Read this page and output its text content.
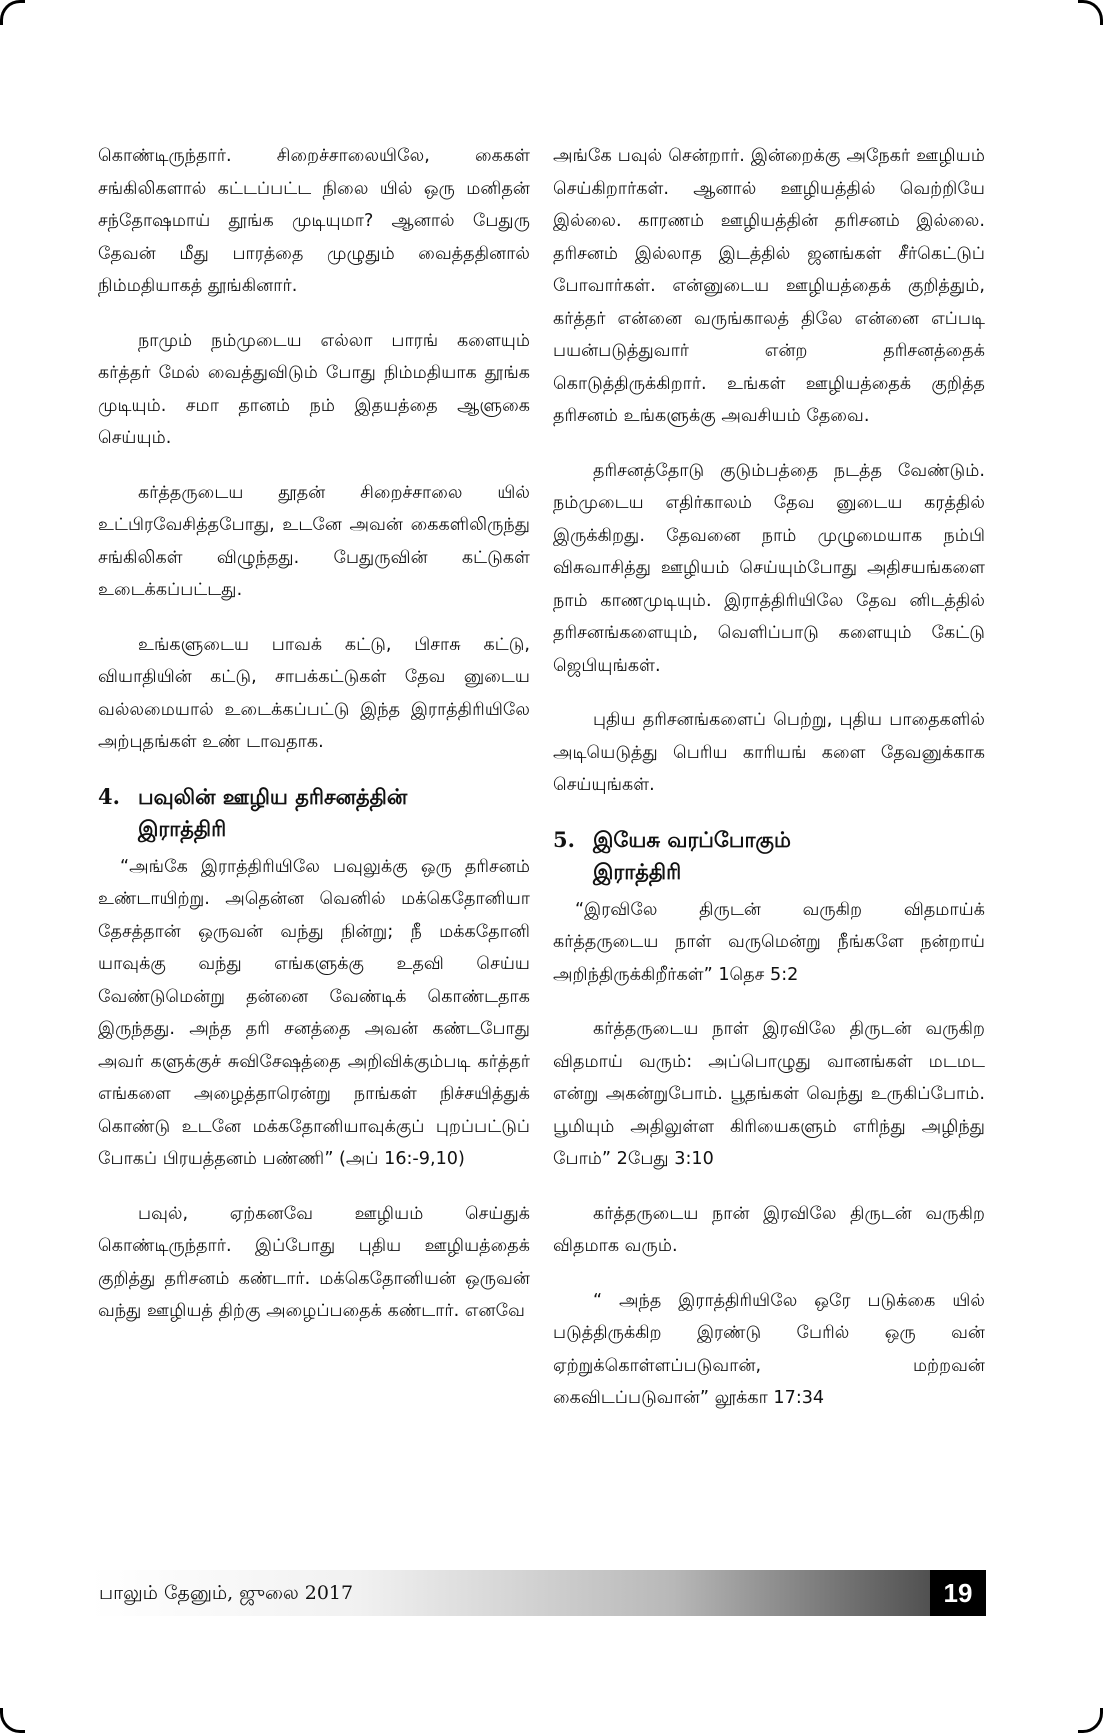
கொண்டிருந்தார். சிறைச்சாலையிலே, கைகள் சங்கிலிகளால் கட்டப்பட்ட நிலை யில் ஒரு மனிதன் சந்தோஷமாய் தூங்க முடியுமா? ஆனால் பேதுரு தேவன் மீது பாரத்தை முழுதும் வைத்ததினால் நிம்மதியாகத் தூங்கினார்.

நாமும் நம்முடைய எல்லா பாரங் களையும் கர்த்தர் மேல் வைத்துவிடும் போது நிம்மதியாக தூங்க முடியும். சமா தானம் நம் இதயத்தை ஆளுகை செய்யும்.

கர்த்தருடைய தூதன் சிறைச்சாலை யில் உட்பிரவேசித்தபோது, உடனே அவன் கைகளிலிருந்து சங்கிலிகள் விழுந்தது. பேதுருவின் கட்டுகள் உடைக்கப்பட்டது.

உங்களுடைய பாவக் கட்டு, பிசாசு கட்டு, வியாதியின் கட்டு, சாபக்கட்டுகள் தேவ னுடைய வல்லமையால் உடைக்கப்பட்டு இந்த இராத்திரியிலே அற்புதங்கள் உண் டாவதாக.

4. பவுலின் ஊழிய தரிசனத்தின்
இராத்திரி

“அங்கே இராத்திரியிலே பவுலுக்கு ஒரு தரிசனம் உண்டாயிற்று. அதென்ன வெனில் மக்கெதோனியா தேசத்தான் ஒருவன் வந்து நின்று; நீ மக்கதோனி யாவுக்கு வந்து எங்களுக்கு உதவி செய்ய வேண்டுமென்று தன்னை வேண்டிக் கொண்டதாக இருந்தது. அந்த தரி சனத்தை அவன் கண்டபோது அவர் களுக்குச் சுவிசேஷத்தை அறிவிக்கும்படி கர்த்தர் எங்களை அழைத்தாரென்று நாங்கள் நிச்சயித்துக் கொண்டு உடனே மக்கதோனியாவுக்குப் புறப்பட்டுப் போகப் பிரயத்தனம் பண்ணி” (அப் 16:-9,10)

பவுல், ஏற்கனவே ஊழியம் செய்துக் கொண்டிருந்தார். இப்போது புதிய ஊழியத்தைக் குறித்து தரிசனம் கண்டார். மக்கெதோனியன் ஒருவன் வந்து ஊழியத் திற்கு அழைப்பதைக் கண்டார். எனவே

அங்கே பவுல் சென்றார். இன்றைக்கு அநேகர் ஊழியம் செய்கிறார்கள். ஆனால் ஊழியத்தில் வெற்றியே இல்லை. காரணம் ஊழியத்தின் தரிசனம் இல்லை. தரிசனம் இல்லாத இடத்தில் ஜனங்கள் சீர்கெட்டுப் போவார்கள். என்னுடைய ஊழியத்தைக் குறித்தும், கர்த்தர் என்னை வருங்காலத் திலே என்னை எப்படி பயன்படுத்துவார் என்ற தரிசனத்தைக் கொடுத்திருக்கிறார். உங்கள் ஊழியத்தைக் குறித்த தரிசனம் உங்களுக்கு அவசியம் தேவை.

தரிசனத்தோடு குடும்பத்தை நடத்த வேண்டும். நம்முடைய எதிர்காலம் தேவ னுடைய கரத்தில் இருக்கிறது. தேவனை நாம் முழுமையாக நம்பி விசுவாசித்து ஊழியம் செய்யும்போது அதிசயங்களை நாம் காணமுடியும். இராத்திரியிலே தேவ னிடத்தில் தரிசனங்களையும், வெளிப்பாடு களையும் கேட்டு ஜெபியுங்கள்.

புதிய தரிசனங்களைப் பெற்று, புதிய பாதைகளில் அடியெடுத்து பெரிய காரியங் களை தேவனுக்காக செய்யுங்கள்.

5. இயேசு வரப்போகும்
இராத்திரி

“இரவிலே திருடன் வருகிற விதமாய்க் கர்த்தருடைய நாள் வருமென்று நீங்களே நன்றாய் அறிந்திருக்கிறீர்கள்” 1தெச 5:2

கர்த்தருடைய நாள் இரவிலே திருடன் வருகிற விதமாய் வரும்: அப்பொழுது வானங்கள் மடமட என்று அகன்றுபோம். பூதங்கள் வெந்து உருகிப்போம். பூமியும் அதிலுள்ள கிரியைகளும் எரிந்து அழிந்து போம்” 2பேது 3:10

கர்த்தருடைய நான் இரவிலே திருடன் வருகிற விதமாக வரும்.

“ அந்த இராத்திரியிலே ஒரே படுக்கை யில் படுத்திருக்கிற இரண்டு பேரில் ஒரு வன் ஏற்றுக்கொள்ளப்படுவான், மற்றவன் கைவிடப்படுவான்” லூக்கா 17:34

பாலும் தேனும், ஜுலை 2017	19
